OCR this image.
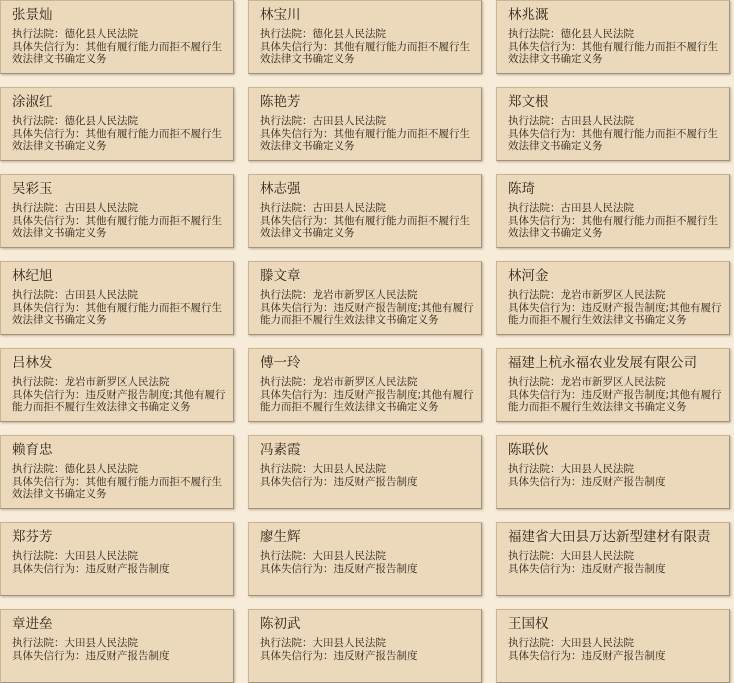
张景灿
执行法院：德化县人民法院
具体失信行为：其他有履行能力而拒不履行生效法律文书确定义务
林宝川
执行法院：德化县人民法院
具体失信行为：其他有履行能力而拒不履行生效法律文书确定义务
林兆溉
执行法院：德化县人民法院
具体失信行为：其他有履行能力而拒不履行生效法律文书确定义务
涂淑红
执行法院：德化县人民法院
具体失信行为：其他有履行能力而拒不履行生效法律文书确定义务
陈艳芳
执行法院：古田县人民法院
具体失信行为：其他有履行能力而拒不履行生效法律文书确定义务
郑文根
执行法院：古田县人民法院
具体失信行为：其他有履行能力而拒不履行生效法律文书确定义务
吴彩玉
执行法院：古田县人民法院
具体失信行为：其他有履行能力而拒不履行生效法律文书确定义务
林志强
执行法院：古田县人民法院
具体失信行为：其他有履行能力而拒不履行生效法律文书确定义务
陈琦
执行法院：古田县人民法院
具体失信行为：其他有履行能力而拒不履行生效法律文书确定义务
林纪旭
执行法院：古田县人民法院
具体失信行为：其他有履行能力而拒不履行生效法律文书确定义务
滕文章
执行法院：龙岩市新罗区人民法院
具体失信行为：违反财产报告制度;其他有履行能力而拒不履行生效法律文书确定义务
林河金
执行法院：龙岩市新罗区人民法院
具体失信行为：违反财产报告制度;其他有履行能力而拒不履行生效法律文书确定义务
吕林发
执行法院：龙岩市新罗区人民法院
具体失信行为：违反财产报告制度;其他有履行能力而拒不履行生效法律文书确定义务
傅一玲
执行法院：龙岩市新罗区人民法院
具体失信行为：违反财产报告制度;其他有履行能力而拒不履行生效法律文书确定义务
福建上杭永福农业发展有限公司
执行法院：龙岩市新罗区人民法院
具体失信行为：违反财产报告制度;其他有履行能力而拒不履行生效法律文书确定义务
赖育忠
执行法院：德化县人民法院
具体失信行为：其他有履行能力而拒不履行生效法律文书确定义务
冯素霞
执行法院：大田县人民法院
具体失信行为：违反财产报告制度
陈联伙
执行法院：大田县人民法院
具体失信行为：违反财产报告制度
郑芬芳
执行法院：大田县人民法院
具体失信行为：违反财产报告制度
廖生辉
执行法院：大田县人民法院
具体失信行为：违反财产报告制度
福建省大田县万达新型建材有限责
执行法院：大田县人民法院
具体失信行为：违反财产报告制度
章进垒
执行法院：大田县人民法院
具体失信行为：违反财产报告制度
陈初武
执行法院：大田县人民法院
具体失信行为：违反财产报告制度
王国权
执行法院：大田县人民法院
具体失信行为：违反财产报告制度
